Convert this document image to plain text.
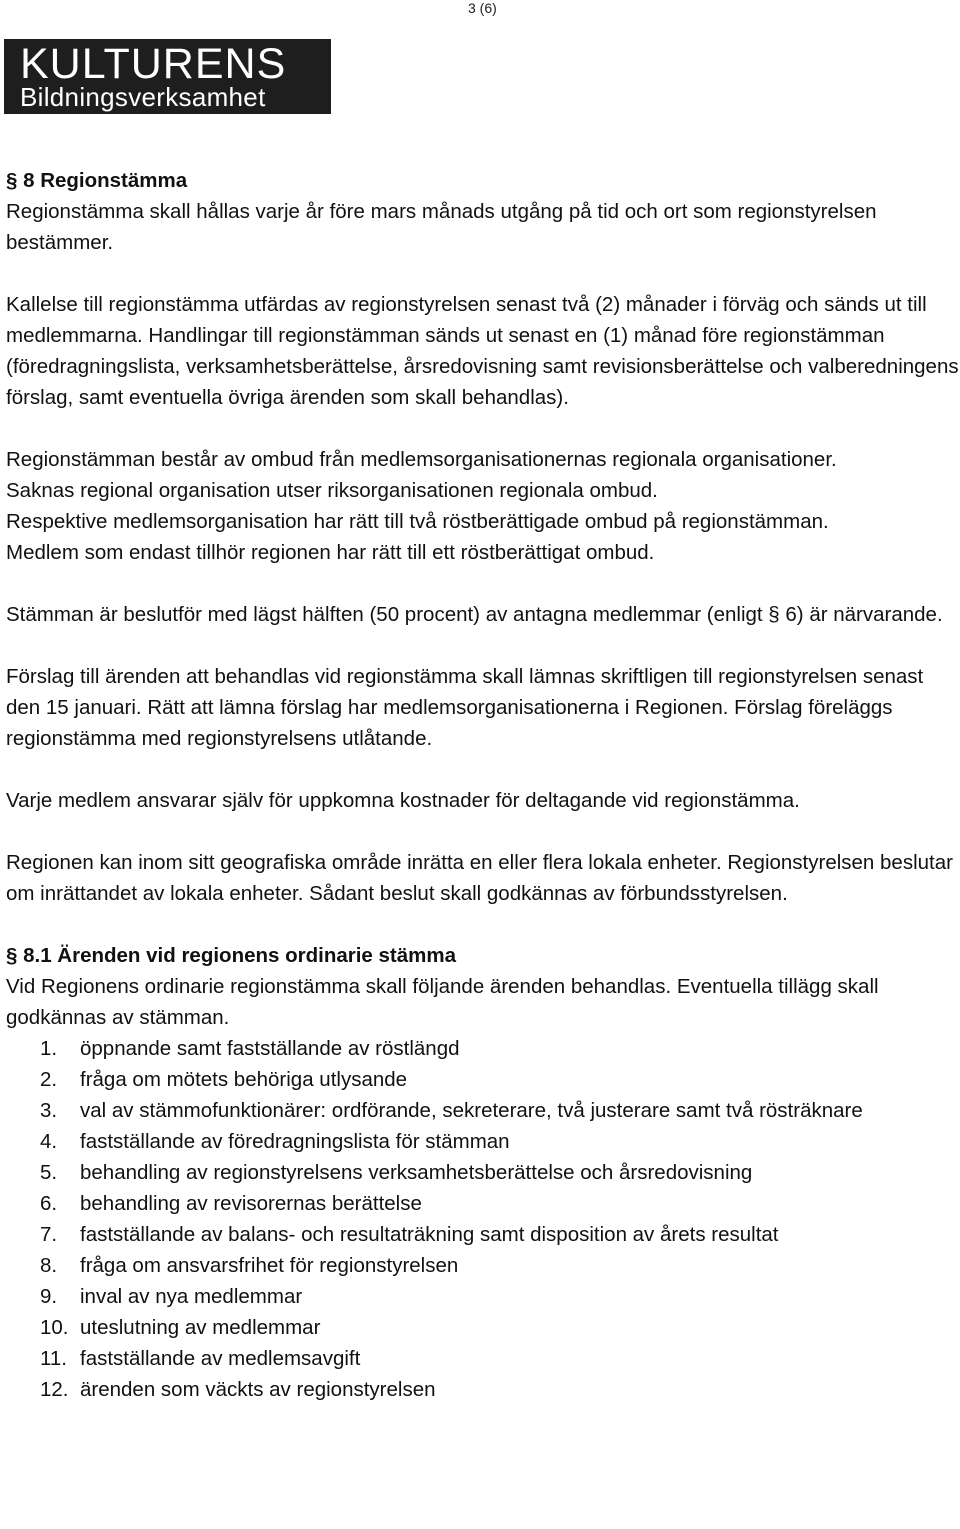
3 (6)
KULTURENS
Bildningsverksamhet
§ 8 Regionstämma

Regionstämma skall hållas varje år före mars månads utgång på tid och ort som regionstyrelsen bestämmer.

Kallelse till regionstämma utfärdas av regionstyrelsen senast två (2) månader i förväg och sänds ut till medlemmarna. Handlingar till regionstämman sänds ut senast en (1) månad före regionstämman (föredragningslista, verksamhetsberättelse, årsredovisning samt revisionsberättelse och valberedningens förslag, samt eventuella övriga ärenden som skall behandlas).

Regionstämman består av ombud från medlemsorganisationernas regionala organisationer.

Saknas regional organisation utser riksorganisationen regionala ombud.

Respektive medlemsorganisation har rätt till två röstberättigade ombud på regionstämman.

Medlem som endast tillhör regionen har rätt till ett röstberättigat ombud.

Stämman är beslutför med lägst hälften (50 procent) av antagna medlemmar (enligt § 6) är närvarande.

Förslag till ärenden att behandlas vid regionstämma skall lämnas skriftligen till regionstyrelsen senast den 15 januari. Rätt att lämna förslag har medlemsorganisationerna i Regionen. Förslag föreläggs regionstämma med regionstyrelsens utlåtande.

Varje medlem ansvarar själv för uppkomna kostnader för deltagande vid regionstämma.

Regionen kan inom sitt geografiska område inrätta en eller flera lokala enheter. Regionstyrelsen beslutar om inrättandet av lokala enheter. Sådant beslut skall godkännas av förbundsstyrelsen.

§ 8.1 Ärenden vid regionens ordinarie stämma

Vid Regionens ordinarie regionstämma skall följande ärenden behandlas. Eventuella tillägg skall godkännas av stämman.

1.	öppnande samt fastställande av röstlängd
2.	fråga om mötets behöriga utlysande
3.	val av stämmofunktionärer: ordförande, sekreterare, två justerare samt två rösträknare
4.	fastställande av föredragningslista för stämman
5.	behandling av regionstyrelsens verksamhetsberättelse och årsredovisning
6.	behandling av revisorernas berättelse
7.	fastställande av balans- och resultaträkning samt disposition av årets resultat
8.	fråga om ansvarsfrihet för regionstyrelsen
9.	inval av nya medlemmar
10. uteslutning av medlemmar
11. fastställande av medlemsavgift
12. ärenden som väckts av regionstyrelsen
